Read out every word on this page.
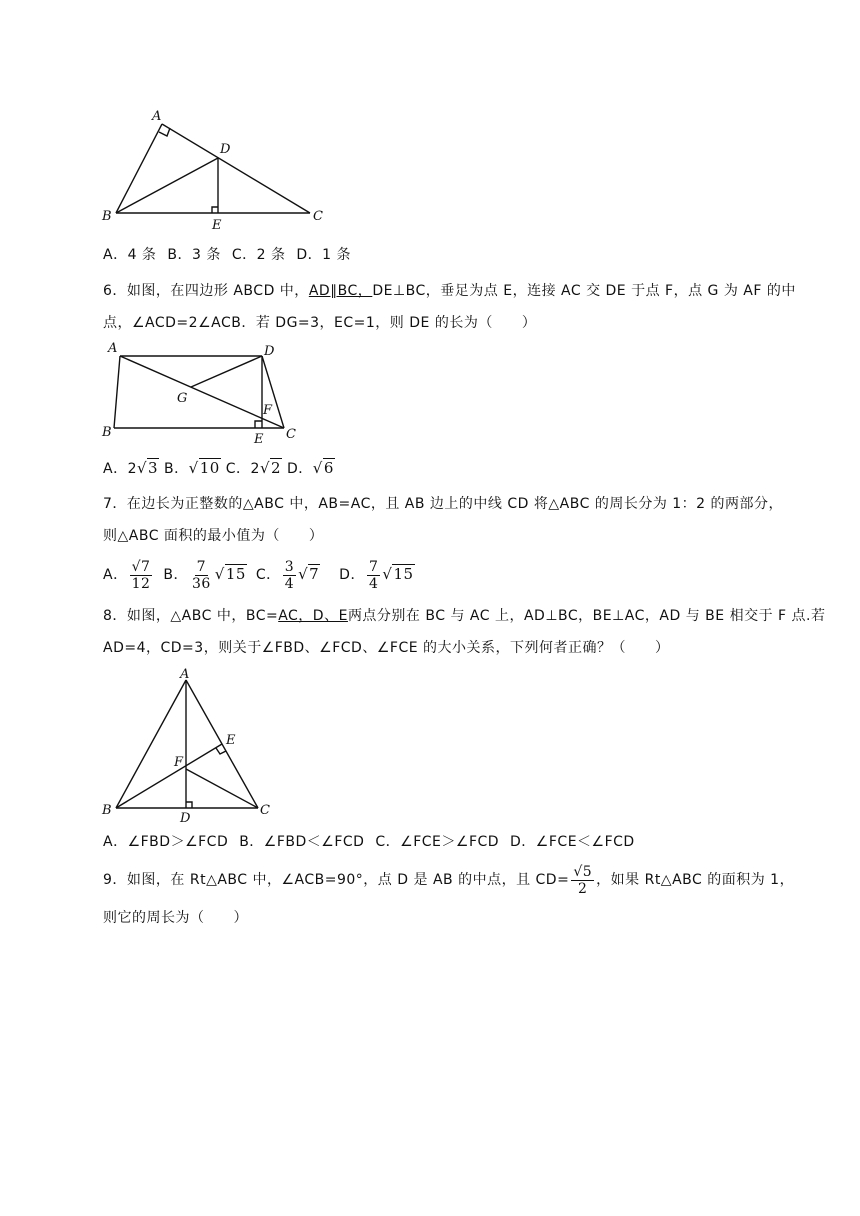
A
D
B
E
C
A．4 条 B．3 条 C．2 条 D．1 条
6．如图，在四边形 ABCD 中，AD∥BC，DE⊥BC，垂足为点 E，连接 AC 交 DE 于点 F，点 G 为 AF 的中
点，∠ACD=2∠ACB．若 DG=3，EC=1，则 DE 的长为（　　）
A	D
G
F
B	E C
A．2√3 B．√10 C．2√2 D．√6
7．在边长为正整数的△ABC 中，AB=AC，且 AB 边上的中线 CD 将△ABC 的周长分为 1：2 的两部分，
则△ABC 面积的最小值为（　　）
A． $\frac{√7}{12}$ B． $\frac{7}{36} √15$ C． $\frac{3}{4} √7$ D． $\frac{7}{4} √15$
8．如图，△ABC 中，BC=AC，D、E两点分别在 BC 与 AC 上，AD⊥BC，BE⊥AC，AD 与 BE 相交于 F 点.若
AD=4，CD=3，则关于∠FBD、∠FCD、∠FCE 的大小关系，下列何者正确？（　　）
A
E
F
B
D
C
A．∠FBD＞∠FCD B．∠FBD＜∠FCD C．∠FCE＞∠FCD D．∠FCE＜∠FCD
9．如图，在 Rt△ABC 中，∠ACB=90°，点 D 是 AB 的中点，且 $CD= \frac{√5}{2}$ ，如果 Rt△ABC 的面积为 1，
则它的周长为（　　）
